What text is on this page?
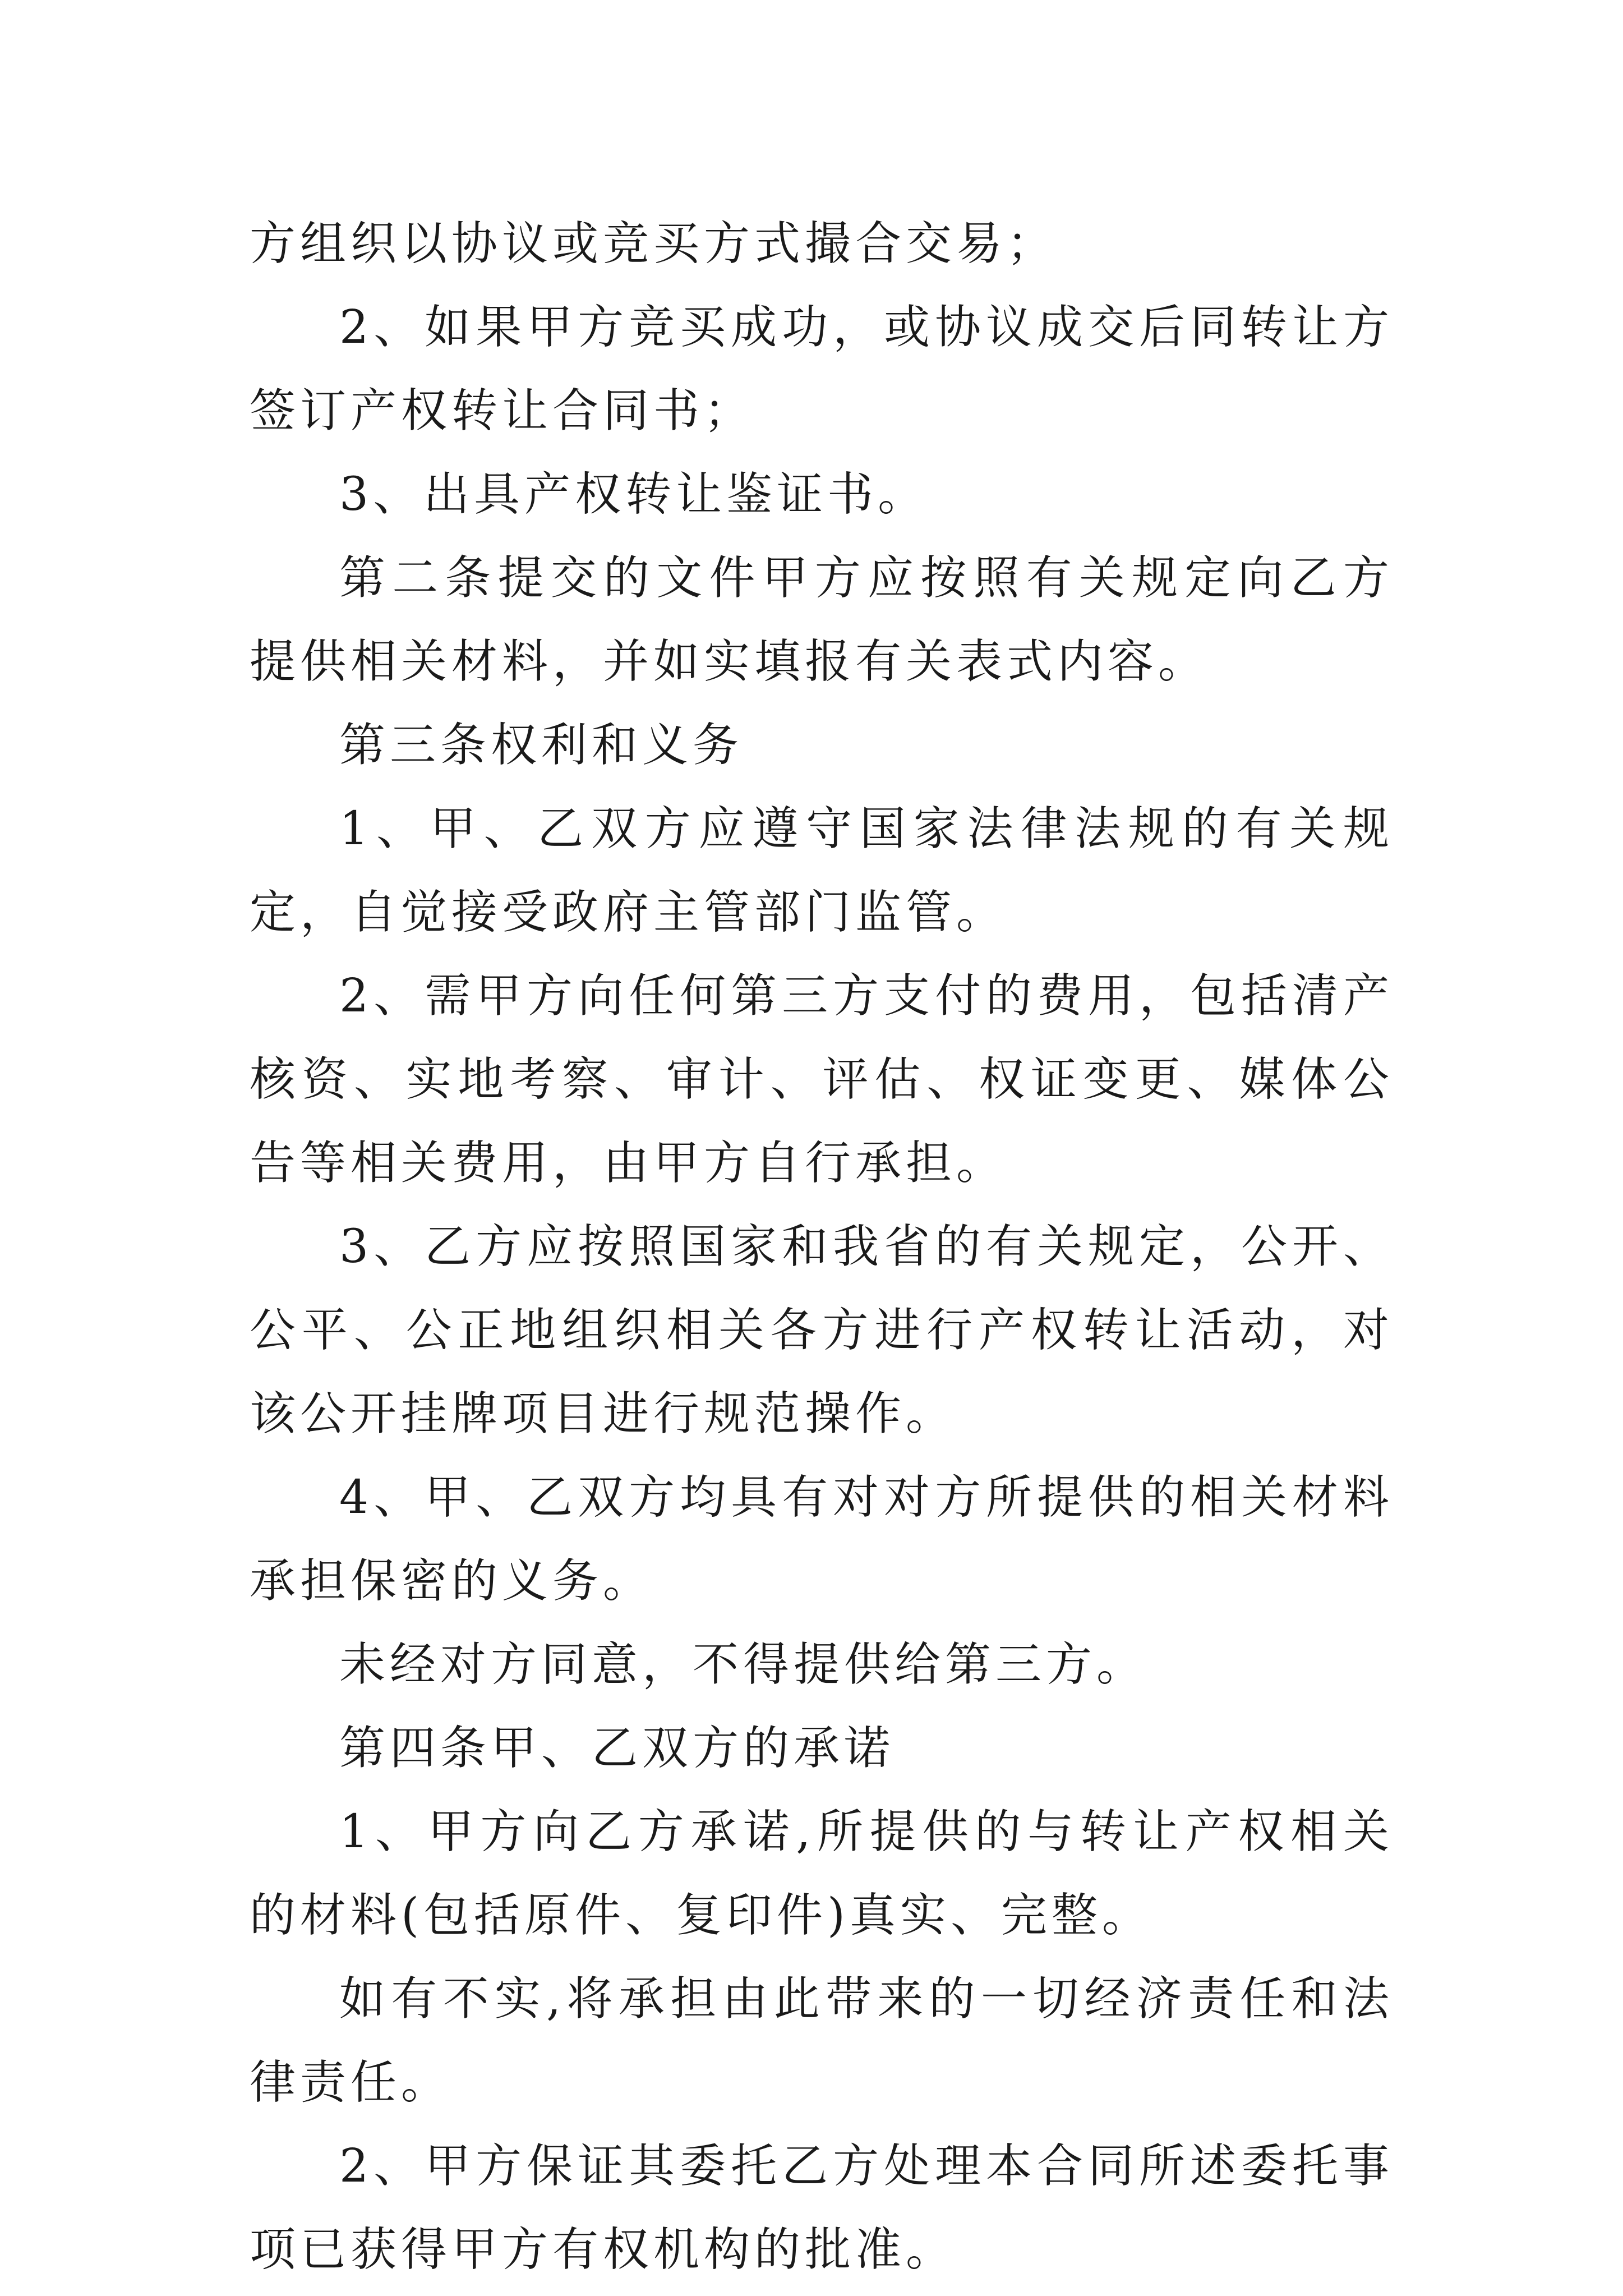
方组织以协议或竞买方式撮合交易；

2、如果甲方竞买成功，或协议成交后同转让方签订产权转让合同书；

3、出具产权转让鉴证书。

第二条提交的文件甲方应按照有关规定向乙方提供相关材料，并如实填报有关表式内容。

第三条权利和义务

1、甲、乙双方应遵守国家法律法规的有关规定，自觉接受政府主管部门监管。

2、需甲方向任何第三方支付的费用，包括清产核资、实地考察、审计、评估、权证变更、媒体公告等相关费用，由甲方自行承担。

3、乙方应按照国家和我省的有关规定，公开、公平、公正地组织相关各方进行产权转让活动，对该公开挂牌项目进行规范操作。

4、甲、乙双方均具有对对方所提供的相关材料承担保密的义务。

未经对方同意，不得提供给第三方。

第四条甲、乙双方的承诺

1、甲方向乙方承诺,所提供的与转让产权相关的材料(包括原件、复印件)真实、完整。

如有不实,将承担由此带来的一切经济责任和法律责任。

2、甲方保证其委托乙方处理本合同所述委托事项已获得甲方有权机构的批准。
